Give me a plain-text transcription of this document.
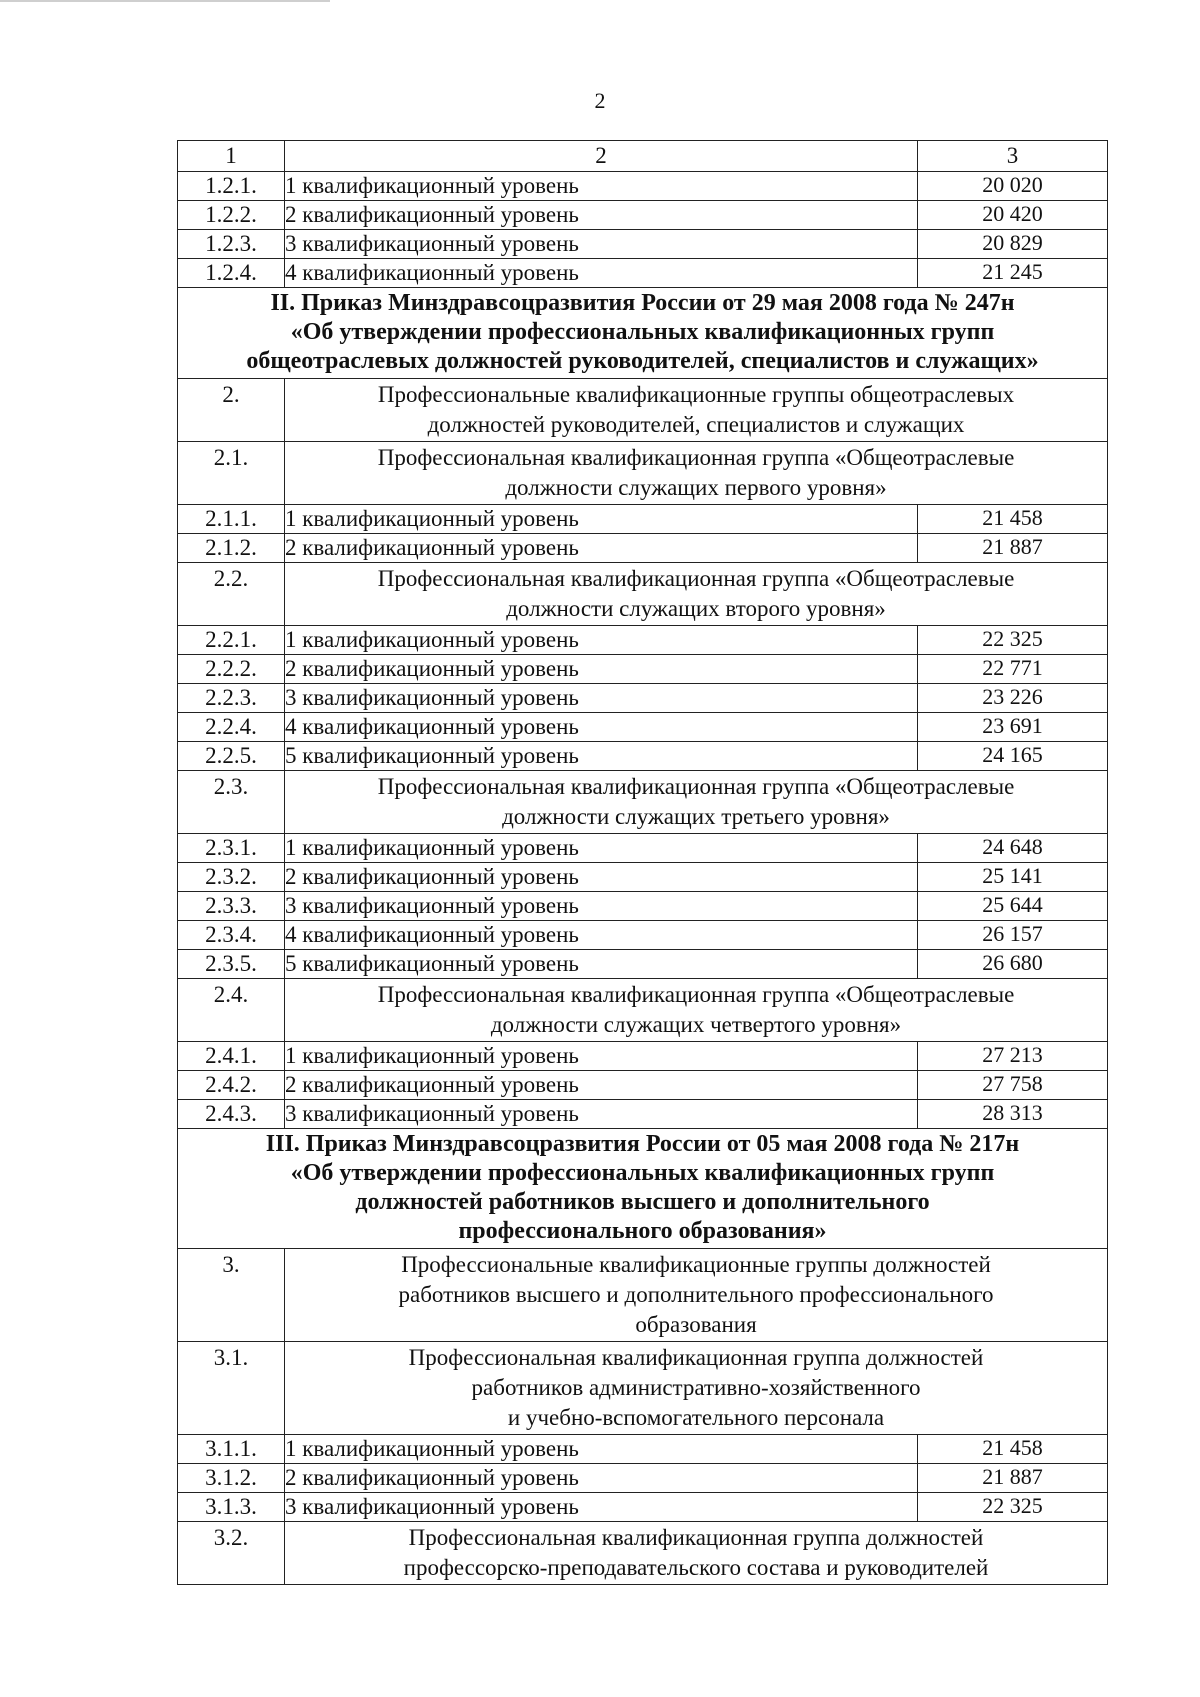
2
1	2	3
1.2.1.	1 квалификационный уровень	20 020
1.2.2.	2 квалификационный уровень	20 420
1.2.3.	3 квалификационный уровень	20 829
1.2.4.	4 квалификационный уровень	21 245

II. Приказ Минздравсоцразвития России от 29 мая 2008 года № 247н
«Об утверждении профессиональных квалификационных групп
общеотраслевых должностей руководителей, специалистов и служащих»		

2.	Профессиональные квалификационные группы общеотраслевых
должностей руководителей, специалистов и служащих	

2.1.	Профессиональная квалификационная группа «Общеотраслевые
должности служащих первого уровня»	

2.1.1.	1 квалификационный уровень	21 458
2.1.2.	2 квалификационный уровень	21 887
2.2.	Профессиональная квалификационная группа «Общеотраслевые
должности служащих второго уровня»	

2.2.1.	1 квалификационный уровень	22 325
2.2.2.	2 квалификационный уровень	22 771
2.2.3.	3 квалификационный уровень	23 226
2.2.4.	4 квалификационный уровень	23 691
2.2.5.	5 квалификационный уровень	24 165
2.3.	Профессиональная квалификационная группа «Общеотраслевые
должности служащих третьего уровня»	

2.3.1.	1 квалификационный уровень	24 648
2.3.2.	2 квалификационный уровень	25 141
2.3.3.	3 квалификационный уровень	25 644
2.3.4.	4 квалификационный уровень	26 157
2.3.5.	5 квалификационный уровень	26 680
2.4.	Профессиональная квалификационная группа «Общеотраслевые
должности служащих четвертого уровня»	

2.4.1.	1 квалификационный уровень	27 213
2.4.2.	2 квалификационный уровень	27 758
2.4.3.	3 квалификационный уровень	28 313

III. Приказ Минздравсоцразвития России от 05 мая 2008 года № 217н
«Об утверждении профессиональных квалификационных групп
должностей работников высшего и дополнительного
профессионального образования»		

3.	Профессиональные квалификационные группы должностей
работников высшего и дополнительного профессионального
образования	

3.1.	Профессиональная квалификационная группа должностей
работников административно-хозяйственного
и учебно-вспомогательного персонала	

3.1.1.	1 квалификационный уровень	21 458
3.1.2.	2 квалификационный уровень	21 887
3.1.3.	3 квалификационный уровень	22 325
3.2.	Профессиональная квалификационная группа должностей
профессорско-преподавательского состава и руководителей	
